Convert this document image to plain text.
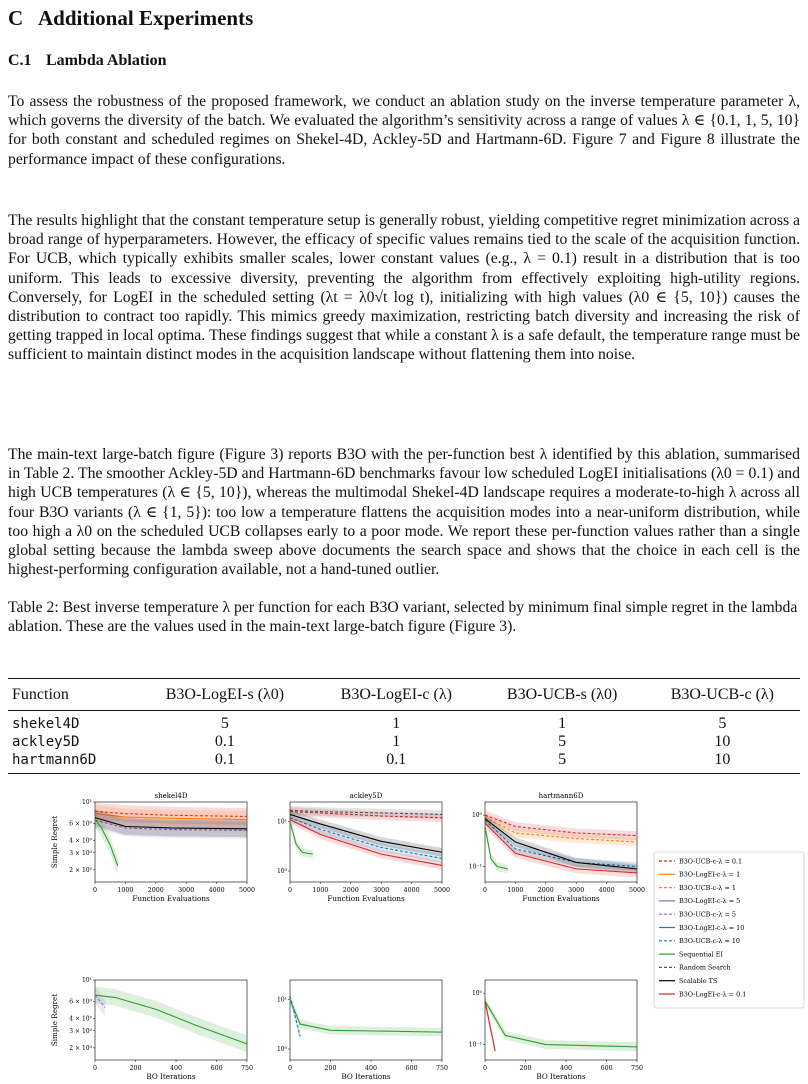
C Additional Experiments
C.1 Lambda Ablation

To assess the robustness of the proposed framework, we conduct an ablation study on the inverse temperature parameter λ, which governs the diversity of the batch. We evaluated the algorithm’s sensitivity across a range of values λ ∈ {0.1, 1, 5, 10} for both constant and scheduled regimes on Shekel-4D, Ackley-5D and Hartmann-6D. Figure 7 and Figure 8 illustrate the performance impact of these configurations.

The results highlight that the constant temperature setup is generally robust, yielding competitive regret minimization across a broad range of hyperparameters. However, the efficacy of specific values remains tied to the scale of the acquisition function. For UCB, which typically exhibits smaller scales, lower constant values (e.g., λ = 0.1) result in a distribution that is too uniform. This leads to excessive diversity, preventing the algorithm from effectively exploiting high-utility regions. Conversely, for LogEI in the scheduled setting (λt = λ0√t log t), initializing with high values (λ0 ∈ {5, 10}) causes the distribution to contract too rapidly. This mimics greedy maximization, restricting batch diversity and increasing the risk of getting trapped in local optima. These findings suggest that while a constant λ is a safe default, the temperature range must be sufficient to maintain distinct modes in the acquisition landscape without flattening them into noise.

The main-text large-batch figure (Figure 3) reports B3O with the per-function best λ identified by this ablation, summarised in Table 2. The smoother Ackley-5D and Hartmann-6D benchmarks favour low scheduled LogEI initialisations (λ0 = 0.1) and high UCB temperatures (λ ∈ {5, 10}), whereas the multimodal Shekel-4D landscape requires a moderate-to-high λ across all four B3O variants (λ ∈ {1, 5}): too low a temperature flattens the acquisition modes into a near-uniform distribution, while too high a λ0 on the scheduled UCB collapses early to a poor mode. We report these per-function values rather than a single global setting because the lambda sweep above documents the search space and shows that the choice in each cell is the highest-performing configuration available, not a hand-tuned outlier.

Table 2: Best inverse temperature λ per function for each B3O variant, selected by minimum final simple regret in the lambda ablation. These are the values used in the main-text large-batch figure (Figure 3).

Function	B3O-LogEI-s (λ0)	B3O-LogEI-c (λ)	B3O-UCB-s (λ0)	B3O-UCB-c (λ)
shekel4D	5	1	1	5
ackley5D	0.1	1	5	10
hartmann6D	0.1	0.1	5	10
shekel4D
0	1000 2000 3000 4000 5000
10¹
6 × 10⁰
4 × 10⁰
3 × 10⁰
2 × 10⁰
Function Evaluations
Simple Regret
ackley5D
0	1000 2000 3000 4000 5000
10¹
10⁰
Function Evaluations
hartmann6D
0	1000 2000 3000 4000 5000
10⁰
10⁻¹
Function Evaluations
0	200	400	600	750
10¹
6 × 10⁰
4 × 10⁰
3 × 10⁰
2 × 10⁰
BO Iterations
Simple Regret
0	200	400	600	750
10¹
10⁰
BO Iterations
0	200	400	600	750
10⁰
10⁻¹
BO Iterations
B3O-UCB-c-λ = 0.1
B3O-LogEI-c-λ = 1
B3O-UCB-c-λ = 1
B3O-LogEI-c-λ = 5
B3O-UCB-c-λ = 5
B3O-LogEI-c-λ = 10
B3O-UCB-c-λ = 10
Sequential EI
Random Search
Scalable TS
B3O-LogEI-c-λ = 0.1
